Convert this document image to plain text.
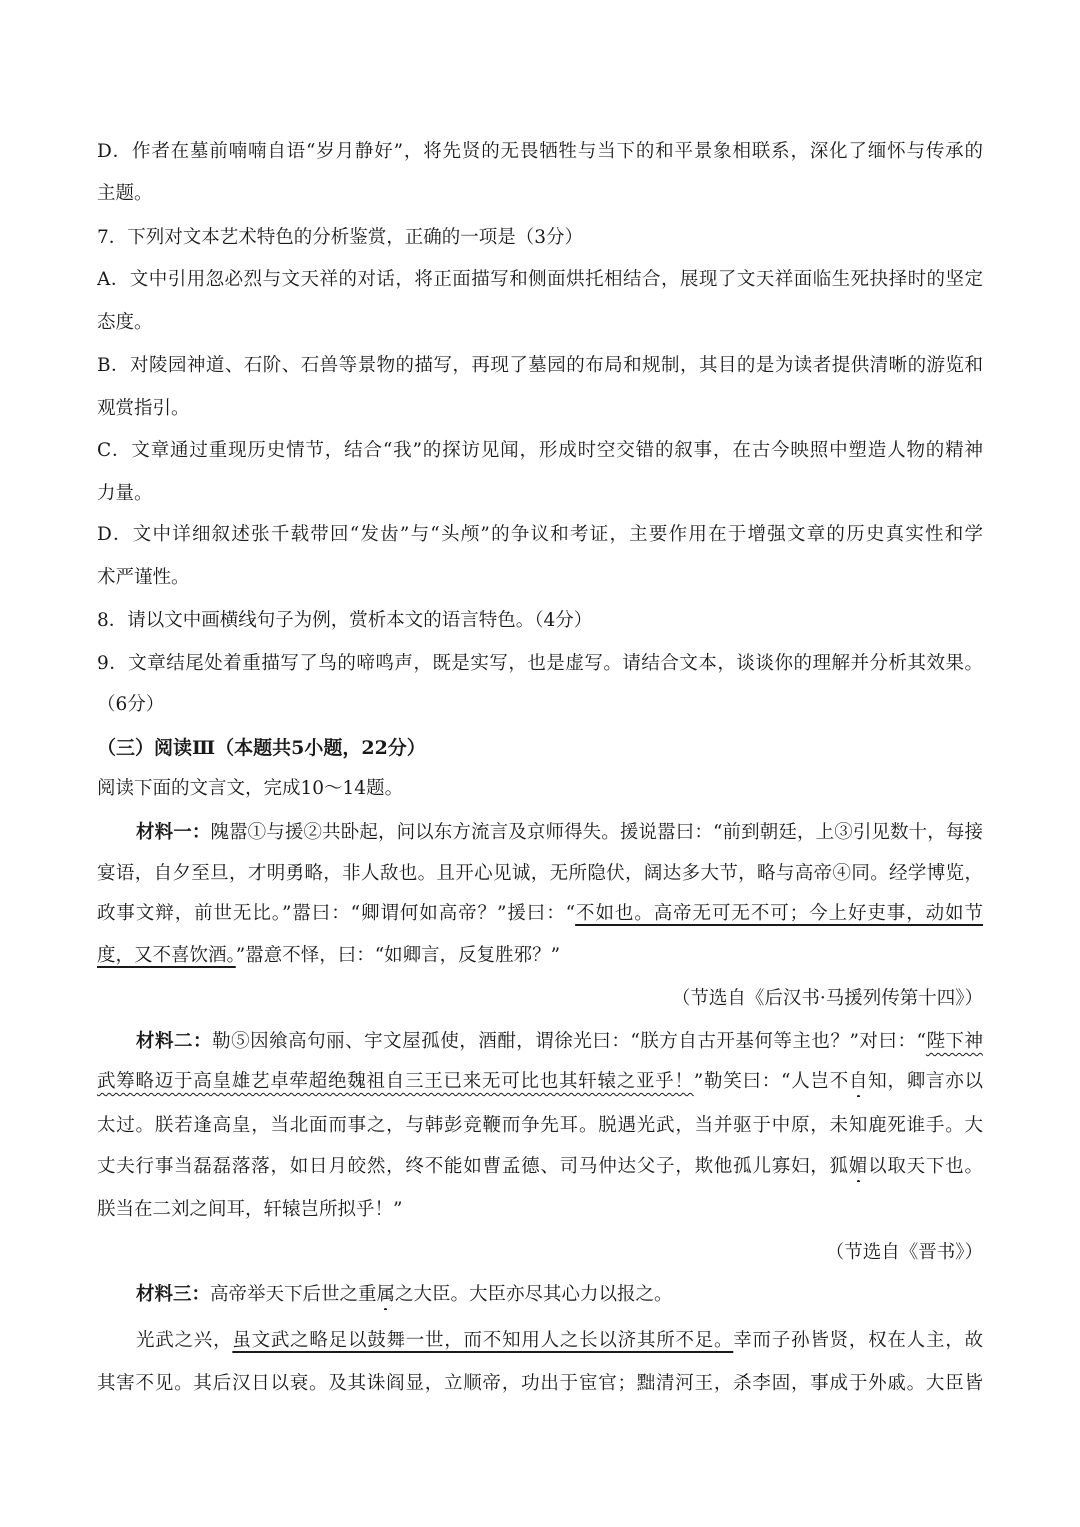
D．作者在墓前喃喃自语“岁月静好”，将先贤的无畏牺牲与当下的和平景象相联系，深化了缅怀与传承的
主题。
7．下列对文本艺术特色的分析鉴赏，正确的一项是（3分）
A．文中引用忽必烈与文天祥的对话，将正面描写和侧面烘托相结合，展现了文天祥面临生死抉择时的坚定
态度。
B．对陵园神道、石阶、石兽等景物的描写，再现了墓园的布局和规制，其目的是为读者提供清晰的游览和
观赏指引。
C．文章通过重现历史情节，结合“我”的探访见闻，形成时空交错的叙事，在古今映照中塑造人物的精神
力量。
D．文中详细叙述张千载带回“发齿”与“头颅”的争议和考证，主要作用在于增强文章的历史真实性和学
术严谨性。
8．请以文中画横线句子为例，赏析本文的语言特色。（4分）
9．文章结尾处着重描写了鸟的啼鸣声，既是实写，也是虚写。请结合文本，谈谈你的理解并分析其效果。
（6分）
（三）阅读Ⅲ（本题共5小题，22分）
阅读下面的文言文，完成10～14题。
材料一：隗嚣①与援②共卧起，问以东方流言及京师得失。援说嚣曰：“前到朝廷，上③引见数十，每接
宴语，自夕至旦，才明勇略，非人敌也。且开心见诚，无所隐伏，阔达多大节，略与高帝④同。经学博览，
政事文辩，前世无比。”嚣曰：“卿谓何如高帝？”援曰：“不如也。高帝无可无不可；今上好吏事，动如节
度，又不喜饮酒。”嚣意不怿，曰：“如卿言，反复胜邪？”
（节选自《后汉书·马援列传第十四》）
材料二：勒⑤因飨高句丽、宇文屋孤使，酒酣，谓徐光曰：“朕方自古开基何等主也？”对曰：“陛下神
武筹略迈于高皇雄艺卓荦超绝魏祖自三王已来无可比也其轩辕之亚乎！”勒笑曰：“人岂不自知，卿言亦以
太过。朕若逢高皇，当北面而事之，与韩彭竞鞭而争先耳。脱遇光武，当并驱于中原，未知鹿死谁手。大
丈夫行事当磊磊落落，如日月皎然，终不能如曹孟德、司马仲达父子，欺他孤儿寡妇，狐媚以取天下也。
朕当在二刘之间耳，轩辕岂所拟乎！”
（节选自《晋书》）
材料三：高帝举天下后世之重属之大臣。大臣亦尽其心力以报之。
光武之兴，虽文武之略足以鼓舞一世，而不知用人之长以济其所不足。幸而子孙皆贤，权在人主，故
其害不见。其后汉日以衰。及其诛阎显，立顺帝，功出于宦官；黜清河王，杀李固，事成于外戚。大臣皆
